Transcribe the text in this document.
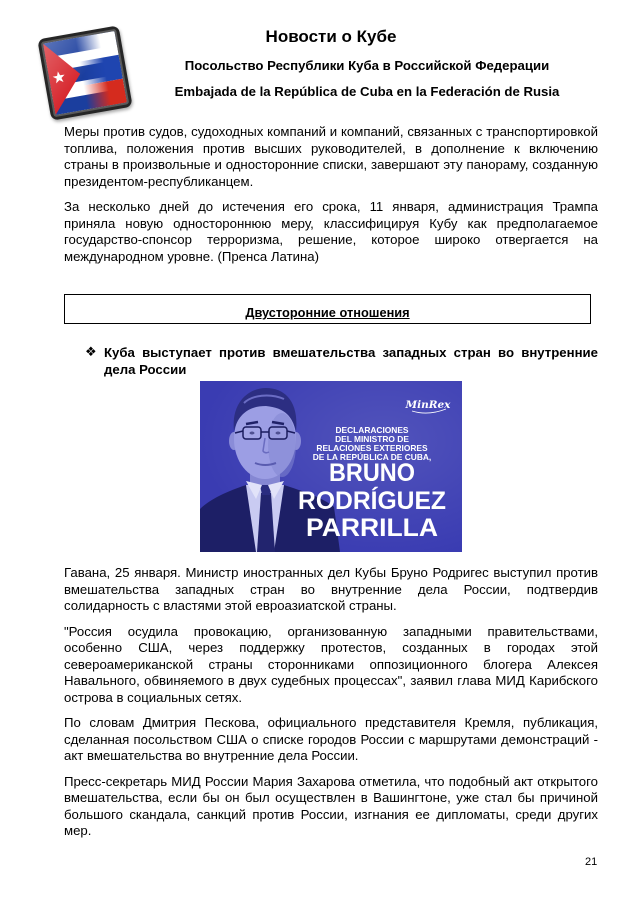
Новости о Кубе
Посольство Республики Куба в Российской Федерации
Embajada de la República de Cuba en la Federación de Rusia

Меры против судов, судоходных компаний и компаний, связанных с транспортировкой топлива, положения против высших руководителей, в дополнение к включению страны в произвольные и односторонние списки, завершают эту панораму, созданную президентом-республиканцем.

За несколько дней до истечения его срока, 11 января, администрация Трампа приняла новую одностороннюю меру, классифицируя Кубу как предполагаемое государство-спонсор терроризма, решение, которое широко отвергается на международном уровне. (Пренса Латина)

Двусторонние отношения
❖ Куба выступает против вмешательства западных стран во внутренние дела России
MinRex
DECLARACIONES
DEL MINISTRO DE
RELACIONES EXTERIORES
DE LA REPÚBLICA DE CUBA,
BRUNO
RODRÍGUEZ
PARRILLA

Гавана, 25 января. Министр иностранных дел Кубы Бруно Родригес выступил против вмешательства западных стран во внутренние дела России, подтвердив солидарность с властями этой евроазиатской страны.

"Россия осудила провокацию, организованную западными правительствами, особенно США, через поддержку протестов, созданных в городах этой североамериканской страны сторонниками оппозиционного блогера Алексея Навального, обвиняемого в двух судебных процессах", заявил глава МИД Карибского острова в социальных сетях.

По словам Дмитрия Пескова, официального представителя Кремля, публикация, сделанная посольством США о списке городов России с маршрутами демонстраций - акт вмешательства во внутренние дела России.

Пресс-секретарь МИД России Мария Захарова отметила, что подобный акт открытого вмешательства, если бы он был осуществлен в Вашингтоне, уже стал бы причиной большого скандала, санкций против России, изгнания ее дипломаты, среди других мер.

21
